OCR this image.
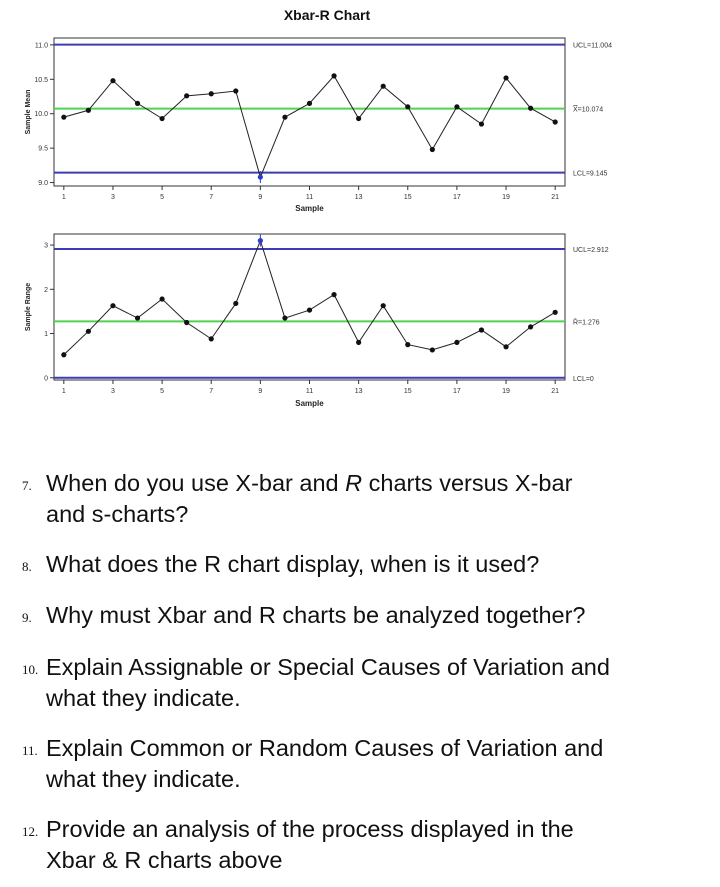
Xbar-R Chart
UCL=11.004
X̿=10.074
LCL=9.145
9.0
9.5
10.0
10.5
11.0
1	3	5	7	9	11	13	15	17	19	21
Sample
Sample Mean
UCL=2.912
R̄=1.276
LCL=0
0
1
2
3
1	3	5	7	9	11	13	15	17	19	21
Sample
Sample Range
7. When do you use X-bar and R charts versus X-bar
and s-charts?
8. What does the R chart display, when is it used?
9. Why must Xbar and R charts be analyzed together?
10. Explain Assignable or Special Causes of Variation and
what they indicate.
11. Explain Common or Random Causes of Variation and
what they indicate.
12. Provide an analysis of the process displayed in the
Xbar & R charts above
